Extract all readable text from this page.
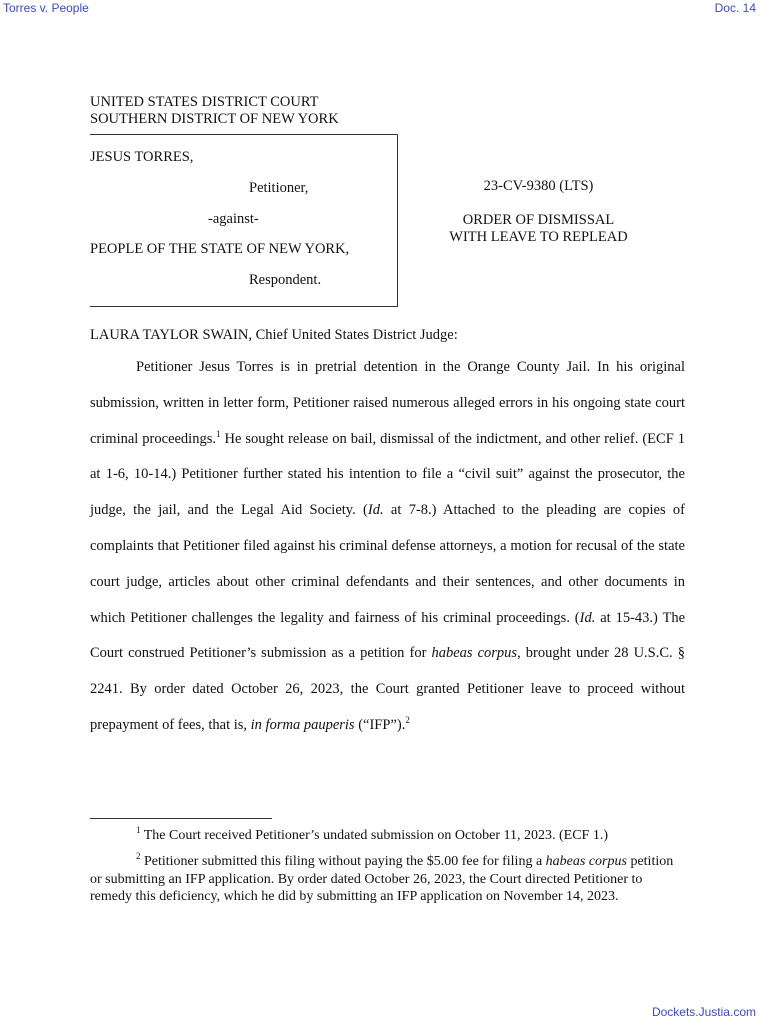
Torres v. People	Doc. 14
UNITED STATES DISTRICT COURT
SOUTHERN DISTRICT OF NEW YORK
JESUS TORRES,
Petitioner,
-against-
PEOPLE OF THE STATE OF NEW YORK,
Respondent.
23-CV-9380 (LTS)
ORDER OF DISMISSAL
WITH LEAVE TO REPLEAD
LAURA TAYLOR SWAIN, Chief United States District Judge:

Petitioner Jesus Torres is in pretrial detention in the Orange County Jail. In his original submission, written in letter form, Petitioner raised numerous alleged errors in his ongoing state court criminal proceedings.$^1$ He sought release on bail, dismissal of the indictment, and other relief. (ECF 1 at 1-6, 10-14.) Petitioner further stated his intention to file a “civil suit” against the prosecutor, the judge, the jail, and the Legal Aid Society. (Id. at 7-8.) Attached to the pleading are copies of complaints that Petitioner filed against his criminal defense attorneys, a motion for recusal of the state court judge, articles about other criminal defendants and their sentences, and other documents in which Petitioner challenges the legality and fairness of his criminal proceedings. (Id. at 15-43.) The Court construed Petitioner’s submission as a petition for habeas corpus, brought under 28 U.S.C. § 2241. By order dated October 26, 2023, the Court granted Petitioner leave to proceed without prepayment of fees, that is, in forma pauperis (“IFP”).$^2$

$^1$ The Court received Petitioner’s undated submission on October 11, 2023. (ECF 1.)

$^2$ Petitioner submitted this filing without paying the $5.00 fee for filing a habeas corpus petition or submitting an IFP application. By order dated October 26, 2023, the Court directed Petitioner to remedy this deficiency, which he did by submitting an IFP application on November 14, 2023.

Dockets.Justia.com
